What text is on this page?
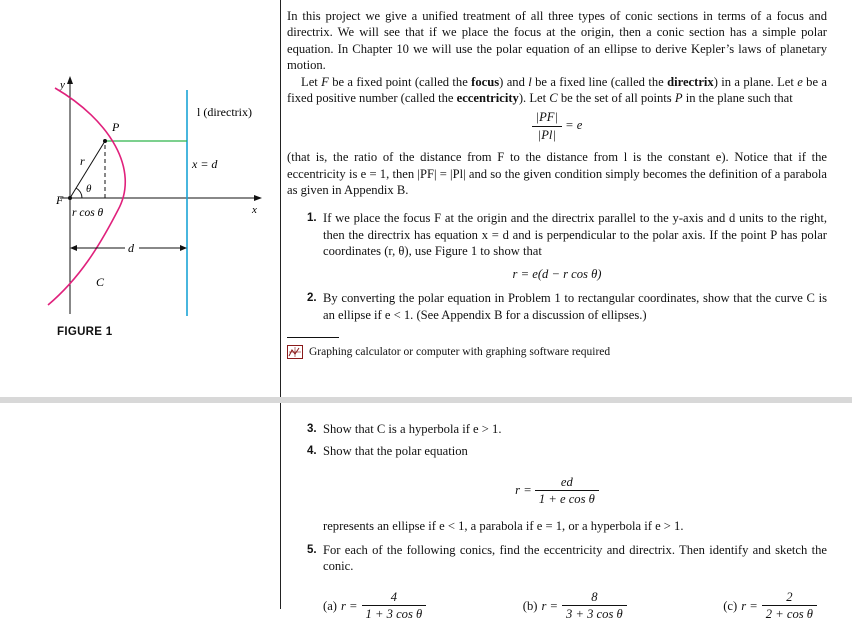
y
x
l (directrix)
x = d
P
F
r
θ
r cos θ
d
C
FIGURE 1

In this project we give a unified treatment of all three types of conic sections in terms of a focus and directrix. We will see that if we place the focus at the origin, then a conic section has a simple polar equation. In Chapter 10 we will use the polar equation of an ellipse to derive Kepler’s laws of planetary motion.

Let F be a fixed point (called the focus) and l be a fixed line (called the directrix) in a plane. Let e be a fixed positive number (called the eccentricity). Let C be the set of all points P in the plane such that

$\frac{|PF|}{|Pl|} = e$

(that is, the ratio of the distance from F to the distance from l is the constant e). Notice that if the eccentricity is e = 1, then |PF| = |Pl| and so the given condition simply becomes the definition of a parabola as given in Appendix B.

1. If we place the focus F at the origin and the directrix parallel to the y-axis and d units to the right, then the directrix has equation x = d and is perpendicular to the polar axis. If the point P has polar coordinates (r, θ), use Figure 1 to show that

r = e(d − r cos θ)

2. By converting the polar equation in Problem 1 to rectangular coordinates, show that the curve C is an ellipse if e < 1. (See Appendix B for a discussion of ellipses.)

Graphing calculator or computer with graphing software required

3. Show that C is a hyperbola if e > 1.

4. Show that the polar equation

$r = \frac{ed}{\text{1 + e cos θ}}$

represents an ellipse if e < 1, a parabola if e = 1, or a hyperbola if e > 1.

5. For each of the following conics, find the eccentricity and directrix. Then identify and sketch the conic.

(a) $r = \frac{4}{\text{1 + 3 cos θ}}$	(b) $r = \frac{8}{\text{3 + 3 cos θ}}$	(c) $r = \frac{2}{\text{2 + cos θ}}$
